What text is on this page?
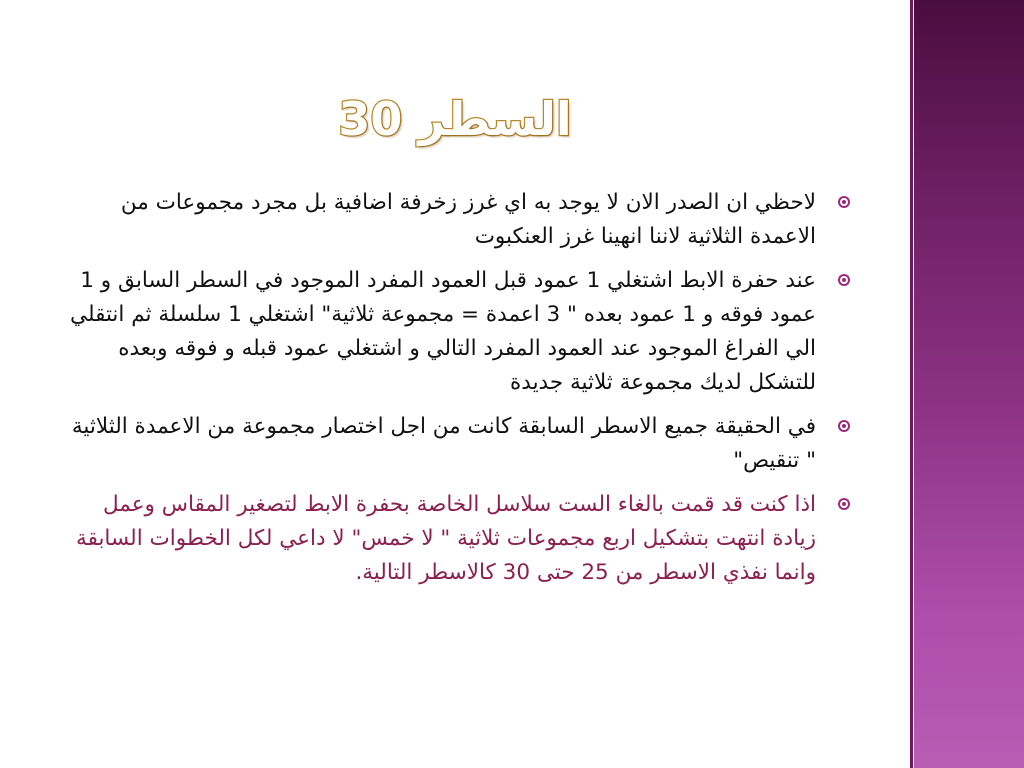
السطر 30
لاحظي ان الصدر الان لا يوجد به اي غرز زخرفة اضافية بل مجرد مجموعات من الاعمدة الثلاثية لاننا انهينا غرز العنكبوت
عند حفرة الابط اشتغلي 1 عمود قبل العمود المفرد الموجود في السطر السابق و 1 عمود فوقه و 1 عمود بعده " 3 اعمدة = مجموعة ثلاثية" اشتغلي 1 سلسلة ثم انتقلي الي الفراغ الموجود عند العمود المفرد التالي و اشتغلي عمود قبله و فوقه وبعده للتشكل لديك مجموعة ثلاثية جديدة
في الحقيقة جميع الاسطر السابقة كانت من اجل اختصار مجموعة من الاعمدة الثلاثية " تنقيص"
اذا كنت قد قمت بالغاء الست سلاسل الخاصة بحفرة الابط لتصغير المقاس وعمل زيادة انتهت بتشكيل اربع مجموعات ثلاثية " لا خمس" لا داعي لكل الخطوات السابقة وانما نفذي الاسطر من 25 حتى 30 كالاسطر التالية.
